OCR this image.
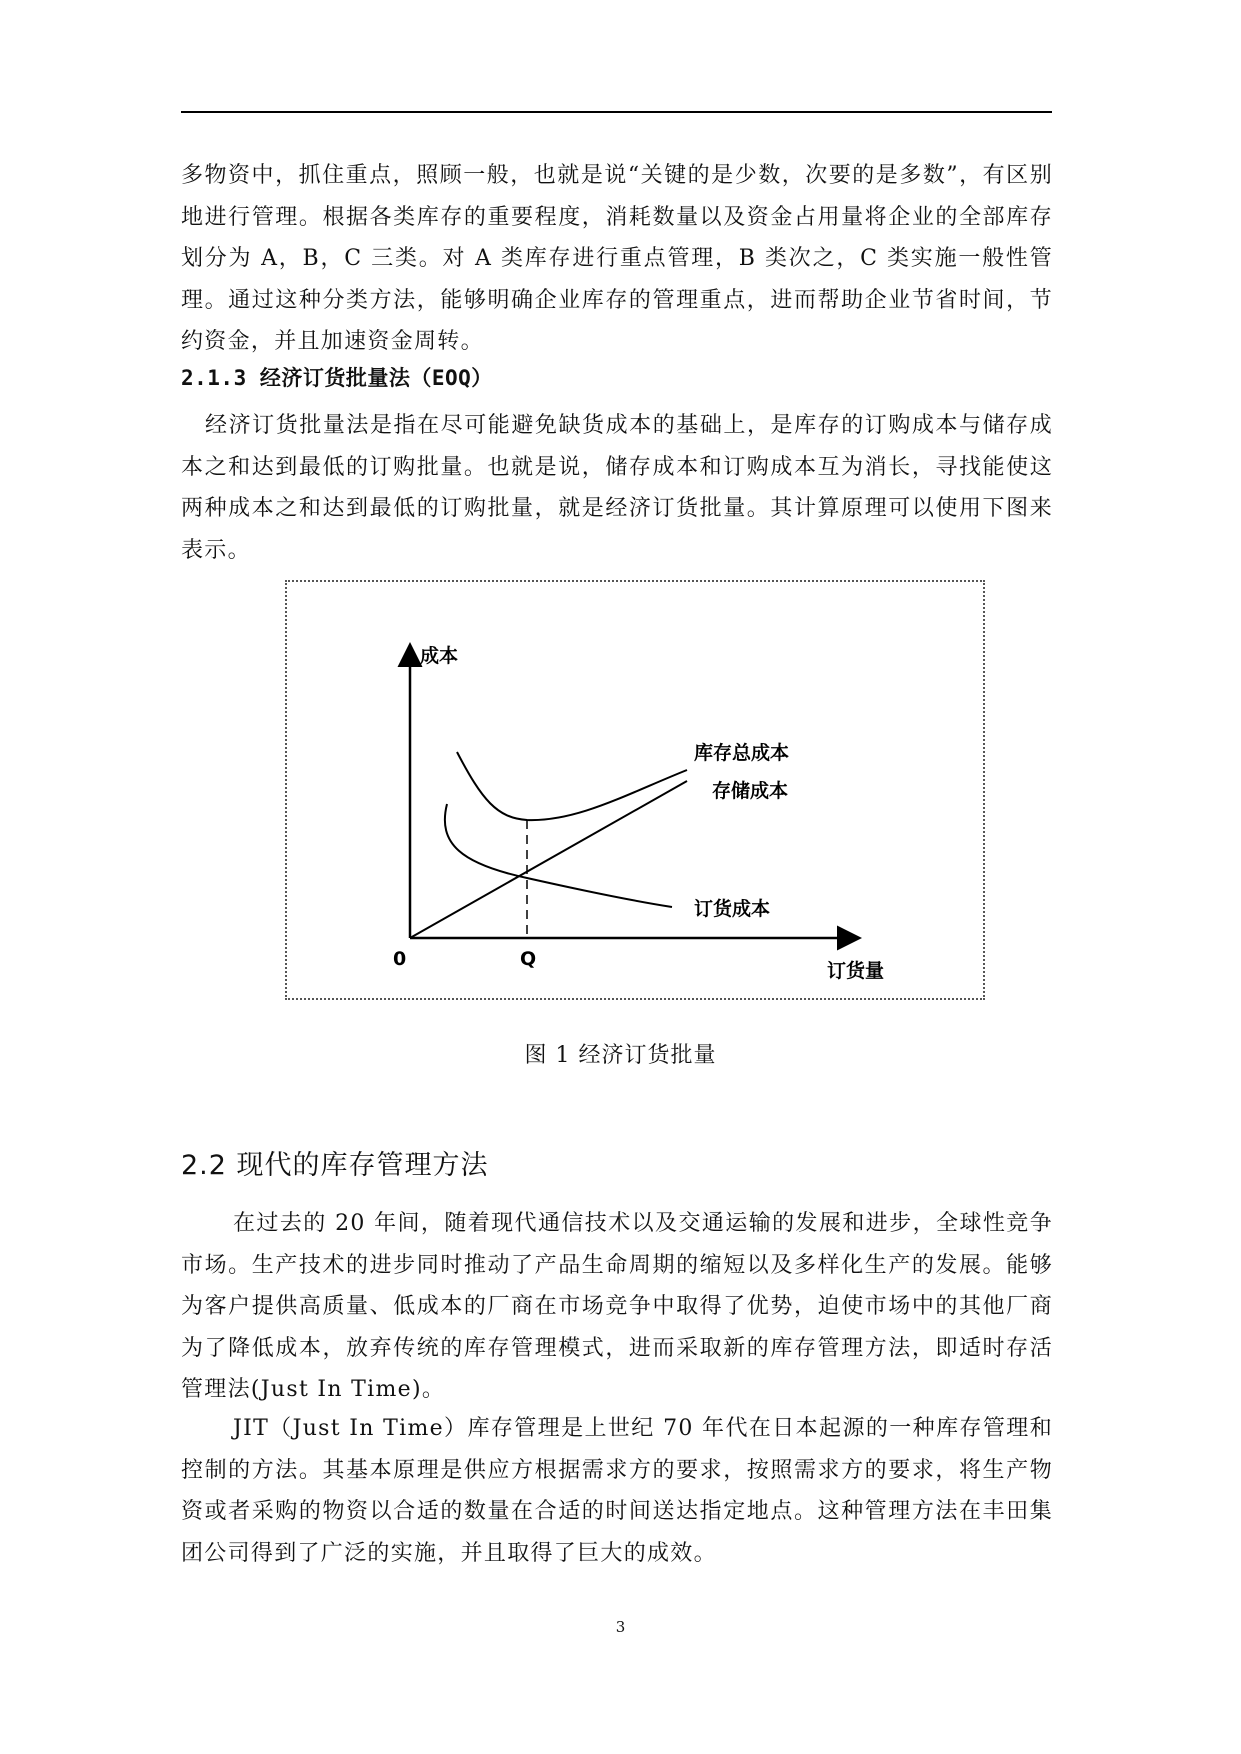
多物资中，抓住重点，照顾一般，也就是说“关键的是少数，次要的是多数”，有区别地进行管理。根据各类库存的重要程度，消耗数量以及资金占用量将企业的全部库存划分为 A，B，C 三类。对 A 类库存进行重点管理，B 类次之，C 类实施一般性管理。通过这种分类方法，能够明确企业库存的管理重点，进而帮助企业节省时间，节约资金，并且加速资金周转。

2.1.3 经济订货批量法（EOQ）

经济订货批量法是指在尽可能避免缺货成本的基础上，是库存的订购成本与储存成本之和达到最低的订购批量。也就是说，储存成本和订购成本互为消长，寻找能使这两种成本之和达到最低的订购批量，就是经济订货批量。其计算原理可以使用下图来表示。

成本
订货量
0	Q
库存总成本
存储成本
订货成本

图 1 经济订货批量

2.2 现代的库存管理方法

在过去的 20 年间，随着现代通信技术以及交通运输的发展和进步，全球性竞争市场。生产技术的进步同时推动了产品生命周期的缩短以及多样化生产的发展。能够为客户提供高质量、低成本的厂商在市场竞争中取得了优势，迫使市场中的其他厂商为了降低成本，放弃传统的库存管理模式，进而采取新的库存管理方法，即适时存活管理法(Just In Time)。

JIT（Just In Time）库存管理是上世纪 70 年代在日本起源的一种库存管理和控制的方法。其基本原理是供应方根据需求方的要求，按照需求方的要求，将生产物资或者采购的物资以合适的数量在合适的时间送达指定地点。这种管理方法在丰田集团公司得到了广泛的实施，并且取得了巨大的成效。

3
